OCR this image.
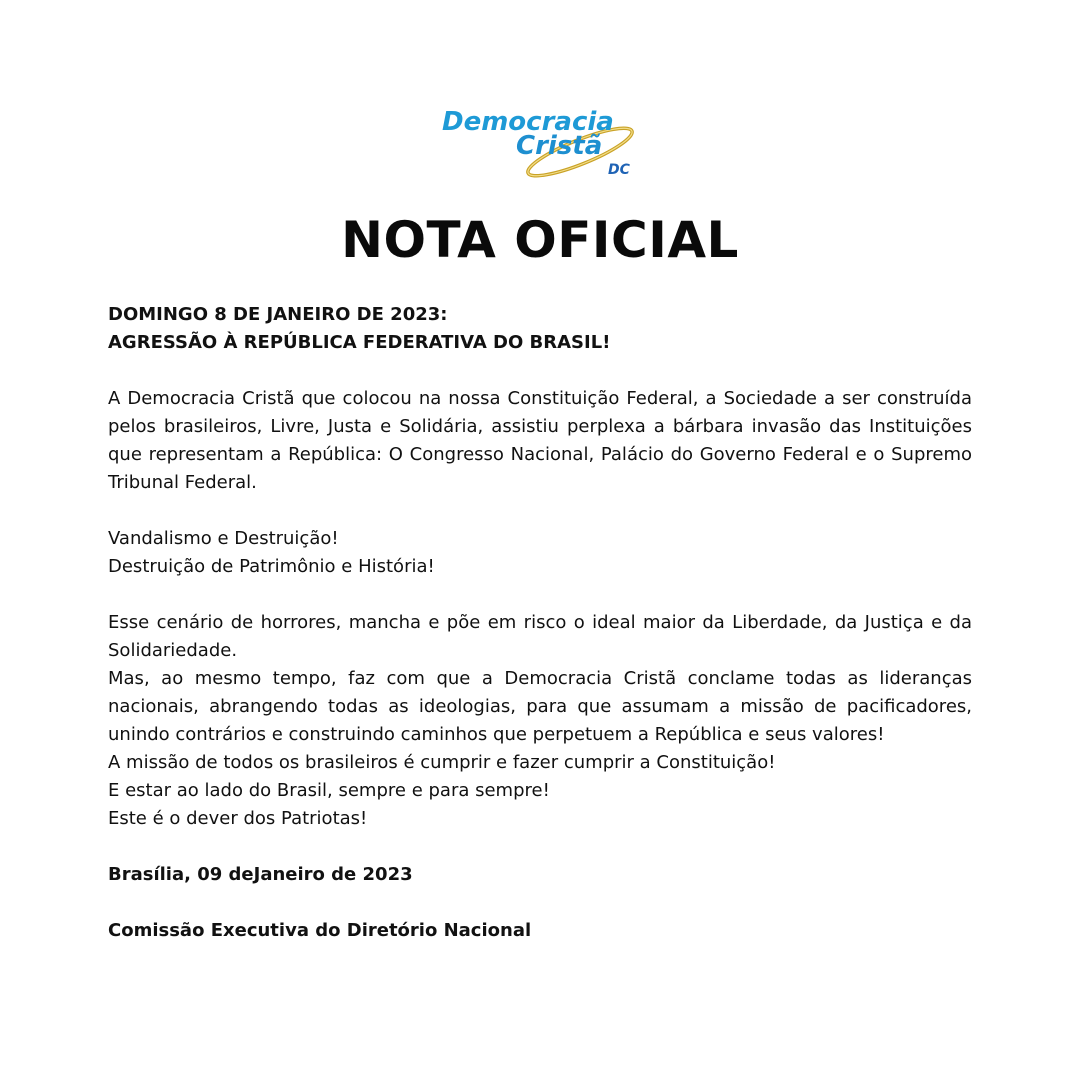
Democracia
Cristã
DC
NOTA OFICIAL

DOMINGO 8 DE JANEIRO DE 2023:

AGRESSÃO À REPÚBLICA FEDERATIVA DO BRASIL!

A Democracia Cristã que colocou na nossa Constituição Federal, a Sociedade a ser construída pelos brasileiros, Livre, Justa e Solidária, assistiu perplexa a bárbara invasão das Instituições que representam a República: O Congresso Nacional, Palácio do Governo Federal e o Supremo Tribunal Federal.

Vandalismo e Destruição!

Destruição de Patrimônio e História!

Esse cenário de horrores, mancha e põe em risco o ideal maior da Liberdade, da Justiça e da Solidariedade.

Mas, ao mesmo tempo, faz com que a Democracia Cristã conclame todas as lideranças nacionais, abrangendo todas as ideologias, para que assumam a missão de pacificadores, unindo contrários e construindo caminhos que perpetuem a República e seus valores!

A missão de todos os brasileiros é cumprir e fazer cumprir a Constituição!

E estar ao lado do Brasil, sempre e para sempre!

Este é o dever dos Patriotas!

Brasília, 09 deJaneiro de 2023

Comissão Executiva do Diretório Nacional
